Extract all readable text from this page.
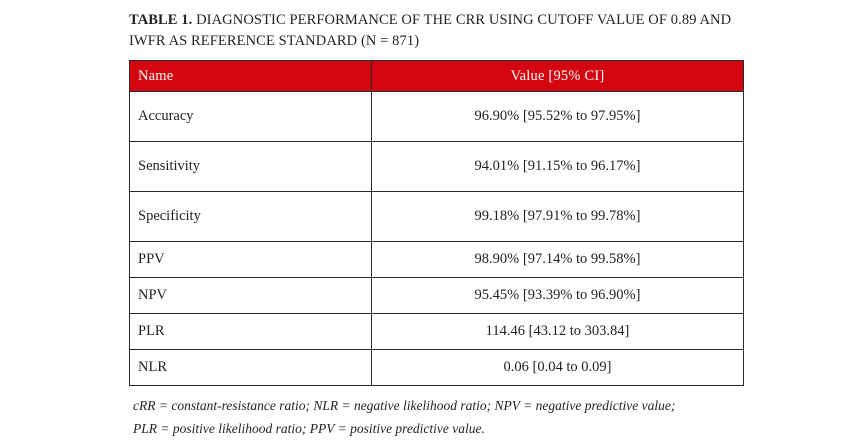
TABLE 1. DIAGNOSTIC PERFORMANCE OF THE CRR USING CUTOFF VALUE OF 0.89 AND IWFR AS REFERENCE STANDARD (N = 871)

Name	Value [95% CI]
Accuracy	96.90% [95.52% to 97.95%]
Sensitivity	94.01% [91.15% to 96.17%]
Specificity	99.18% [97.91% to 99.78%]
PPV	98.90% [97.14% to 99.58%]
NPV	95.45% [93.39% to 96.90%]
PLR	114.46 [43.12 to 303.84]
NLR	0.06 [0.04 to 0.09]
cRR = constant-resistance ratio; NLR = negative likelihood ratio; NPV = negative predictive value;
PLR = positive likelihood ratio; PPV = positive predictive value.
